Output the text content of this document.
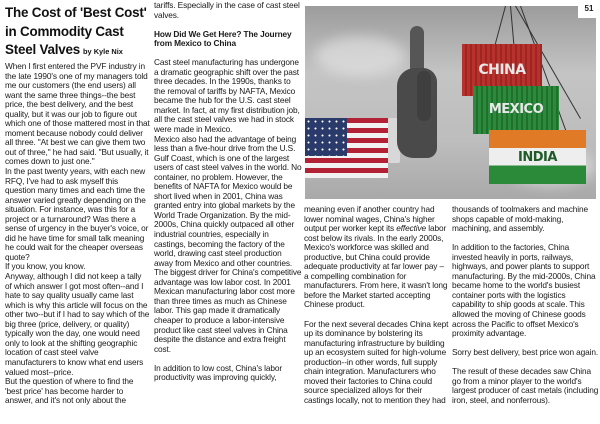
The Cost of 'Best Cost' in Commodity Cast Steel Valves by Kyle Nix

When I first entered the PVF industry in the late 1990's one of my managers told me our customers (the end users) all want the same three things--the best price, the best delivery, and the best quality, but it was our job to figure out which one of those mattered most in that moment because nobody could deliver all three. "At best we can give them two out of three," he had said. "But usually, it comes down to just one."

In the past twenty years, with each new RFQ, I've had to ask myself this question many times and each time the answer varied greatly depending on the situation. For instance, was this for a project or a turnaround? Was there a sense of urgency in the buyer's voice, or did he have time for small talk meaning he could wait for the cheaper overseas quote?

If you know, you know.

Anyway, although I did not keep a tally of which answer I got most often--and I hate to say quality usually came last which is why this article will focus on the other two--but if I had to say which of the big three (price, delivery, or quality) typically won the day, one would need only to look at the shifting geographic location of cast steel valve manufacturers to know what end users valued most--price.

But the question of where to find the 'best price' has become harder to answer, and it's not only about the

tariffs. Especially in the case of cast steel valves.

How Did We Get Here? The Journey from Mexico to China

Cast steel manufacturing has undergone a dramatic geographic shift over the past three decades. In the 1990s, thanks to the removal of tariffs by NAFTA, Mexico became the hub for the U.S. cast steel market. In fact, at my first distribution job, all the cast steel valves we had in stock were made in Mexico.

Mexico also had the advantage of being less than a five-hour drive from the U.S. Gulf Coast, which is one of the largest users of cast steel valves in the world. No container, no problem. However, the benefits of NAFTA for Mexico would be short lived when in 2001, China was granted entry into global markets by the World Trade Organization. By the mid-2000s, China quickly outpaced all other industrial countries, especially in castings, becoming the factory of the world, drawing cast steel production away from Mexico and other countries.

The biggest driver for China's competitive advantage was low labor cost. In 2001 Mexican manufacturing labor cost more than three times as much as Chinese labor. This gap made it dramatically cheaper to produce a labor-intensive product like cast steel valves in China despite the distance and extra freight cost.

In addition to low cost, China's labor productivity was improving quickly,

meaning even if another country had lower nominal wages, China's higher output per worker kept its effective labor cost below its rivals. In the early 2000s, Mexico's workforce was skilled and productive, but China could provide adequate productivity at far lower pay – a compelling combination for manufacturers. From here, it wasn't long before the Market started accepting Chinese product.

For the next several decades China kept up its dominance by bolstering its manufacturing infrastructure by building up an ecosystem suited for high-volume production--in other words, full supply chain integration. Manufacturers who moved their factories to China could source specialized alloys for their castings locally, not to mention they had

thousands of toolmakers and machine shops capable of mold-making, machining, and assembly.

In addition to the factories, China invested heavily in ports, railways, highways, and power plants to support manufacturing. By the mid-2000s, China became home to the world's busiest container ports with the logistics capability to ship goods at scale. This allowed the moving of Chinese goods across the Pacific to offset Mexico's proximity advantage.

Sorry best delivery, best price won again.

The result of these decades saw China go from a minor player to the world's largest producer of cast metals (including iron, steel, and nonferrous).

CHINA
MEXICO
INDIA
51
